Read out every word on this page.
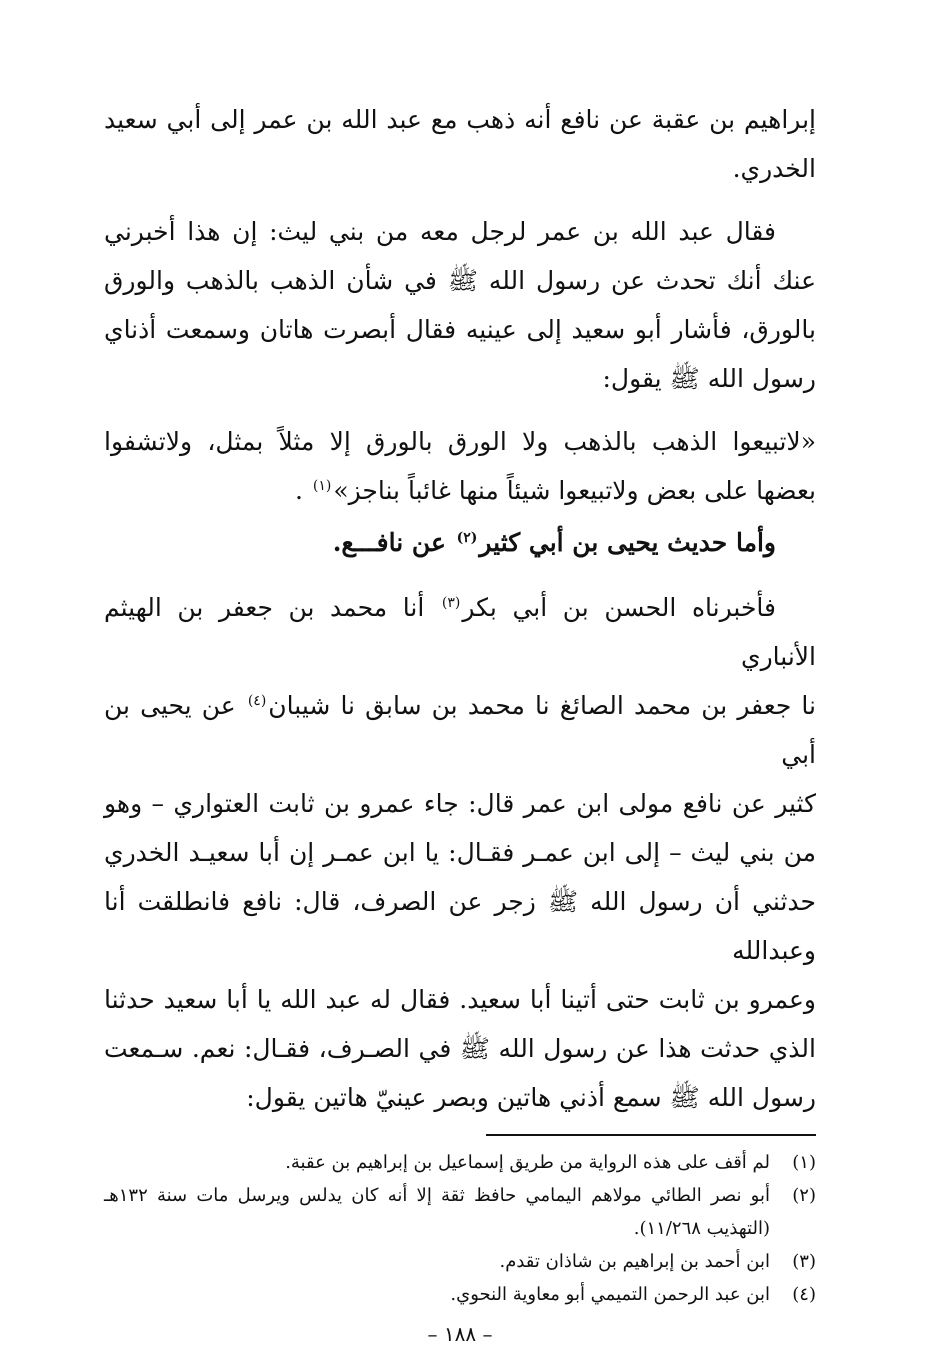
إبراهيم بن عقبة عن نافع أنه ذهب مع عبد الله بن عمر إلى أبي سعيد الخدري.

فقال عبد الله بن عمر لرجل معه من بني ليث: إن هذا أخبرني عنك أنك تحدث عن رسول الله ﷺ في شأن الذهب بالذهب والورق بالورق، فأشار أبو سعيد إلى عينيه فقال أبصرت هاتان وسمعت أذناي رسول الله ﷺ يقول:

«لاتبيعوا الذهب بالذهب ولا الورق بالورق إلا مثلاً بمثل، ولاتشفوا
بعضها على بعض ولاتبيعوا شيئاً منها غائباً بناجز»$^{(١)}$ .
وأما حديث يحيى بن أبي كثير$^{(٢)}$ عن نافـــع.
فأخبرناه الحسن بن أبي بكر$^{(٣)}$ أنا محمد بن جعفر بن الهيثم الأنباري
نا جعفر بن محمد الصائغ نا محمد بن سابق نا شيبان$^{(٤)}$ عن يحيى بن أبي
كثير عن نافع مولى ابن عمر قال: جاء عمرو بن ثابت العتواري – وهو
من بني ليث – إلى ابن عمـر فقـال: يا ابن عمـر إن أبا سعيـد الخدري
حدثني أن رسول الله ﷺ زجر عن الصرف، قال: نافع فانطلقت أنا وعبدالله
وعمرو بن ثابت حتى أتينا أبا سعيد. فقال له عبد الله يا أبا سعيد حدثنا
الذي حدثت هذا عن رسول الله ﷺ في الصـرف، فقـال: نعم. سـمعت
رسول الله ﷺ سمع أذني هاتين وبصر عينيّ هاتين يقول:
(١)
لم أقف على هذه الرواية من طريق إسماعيل بن إبراهيم بن عقبة.
(٢)
أبو نصر الطائي مولاهم اليمامي حافظ ثقة إلا أنه كان يدلس ويرسل مات سنة ١٣٢هـ (التهذيب ١١/٢٦٨).
(٣)
ابن أحمد بن إبراهيم بن شاذان تقدم.
(٤)
ابن عبد الرحمن التميمي أبو معاوية النحوي.
– ١٨٨ –
